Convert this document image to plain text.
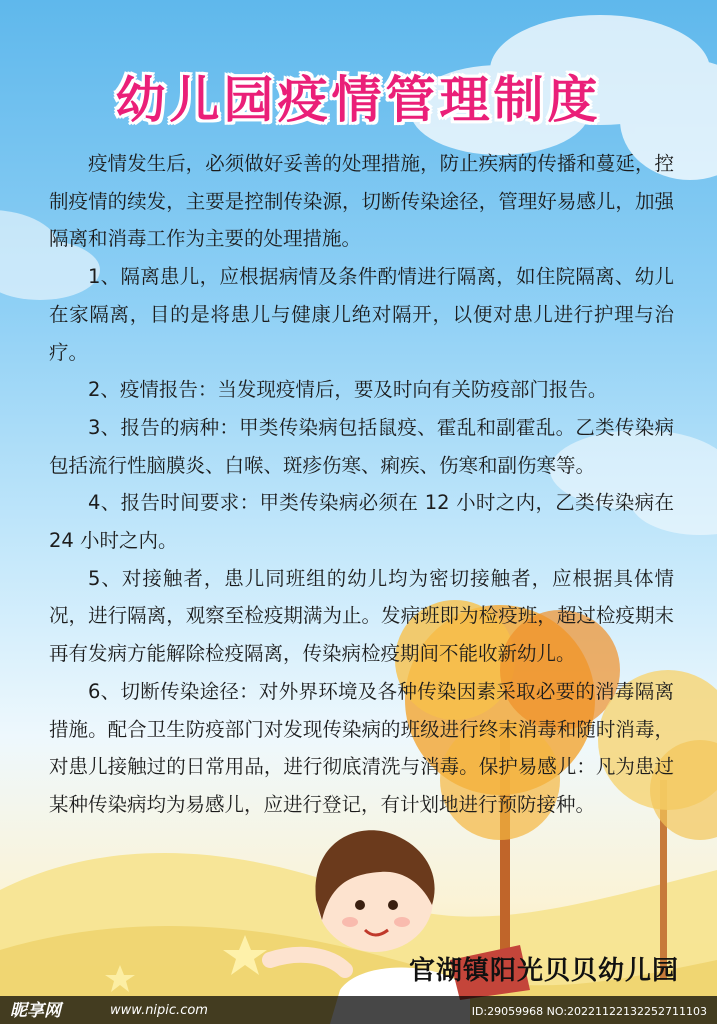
幼儿园疫情管理制度

疫情发生后，必须做好妥善的处理措施，防止疾病的传播和蔓延，控制疫情的续发，主要是控制传染源，切断传染途径，管理好易感儿，加强隔离和消毒工作为主要的处理措施。

1、隔离患儿，应根据病情及条件酌情进行隔离，如住院隔离、幼儿在家隔离，目的是将患儿与健康儿绝对隔开，以便对患儿进行护理与治疗。

2、疫情报告：当发现疫情后，要及时向有关防疫部门报告。

3、报告的病种：甲类传染病包括鼠疫、霍乱和副霍乱。乙类传染病包括流行性脑膜炎、白喉、斑疹伤寒、痢疾、伤寒和副伤寒等。

4、报告时间要求：甲类传染病必须在 12 小时之内，乙类传染病在 24 小时之内。

5、对接触者，患儿同班组的幼儿均为密切接触者，应根据具体情况，进行隔离，观察至检疫期满为止。发病班即为检疫班，超过检疫期末再有发病方能解除检疫隔离，传染病检疫期间不能收新幼儿。

6、切断传染途径：对外界环境及各种传染因素采取必要的消毒隔离措施。配合卫生防疫部门对发现传染病的班级进行终末消毒和随时消毒，对患儿接触过的日常用品，进行彻底清洗与消毒。保护易感儿：凡为患过某种传染病均为易感儿，应进行登记，有计划地进行预防接种。

官湖镇阳光贝贝幼儿园
昵享网	www.nipic.com	ID:29059968 NO:20221122132252711103
